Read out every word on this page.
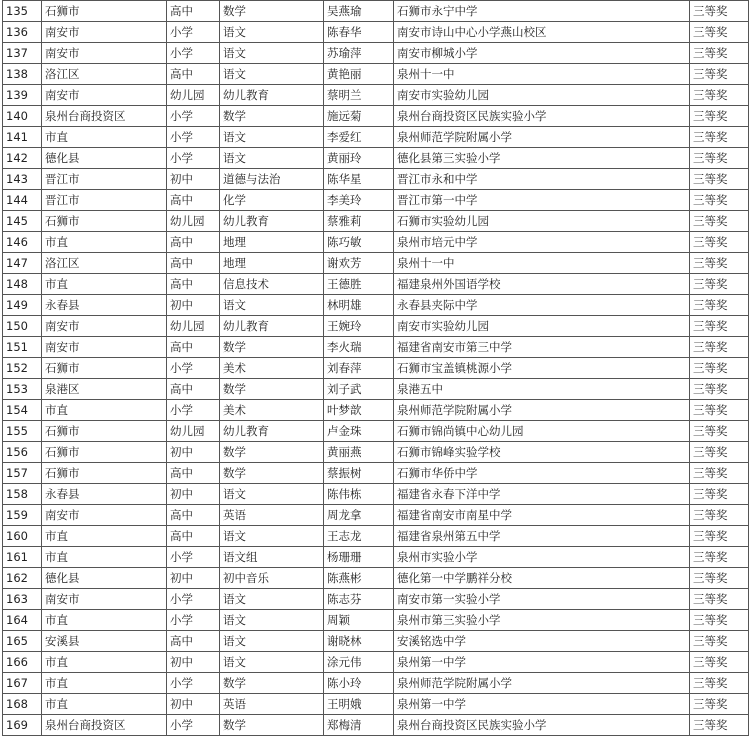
135	石狮市	高中	数学	吴燕瑜	石狮市永宁中学	三等奖
136	南安市	小学	语文	陈春华	南安市诗山中心小学燕山校区	三等奖
137	南安市	小学	语文	苏瑜萍	南安市柳城小学	三等奖
138	洛江区	高中	语文	黄艳丽	泉州十一中	三等奖
139	南安市	幼儿园	幼儿教育	蔡明兰	南安市实验幼儿园	三等奖
140	泉州台商投资区	小学	数学	施远菊	泉州台商投资区民族实验小学	三等奖
141	市直	小学	语文	李爱红	泉州师范学院附属小学	三等奖
142	德化县	小学	语文	黄丽玲	德化县第三实验小学	三等奖
143	晋江市	初中	道德与法治	陈华星	晋江市永和中学	三等奖
144	晋江市	高中	化学	李美玲	晋江市第一中学	三等奖
145	石狮市	幼儿园	幼儿教育	蔡雅莉	石狮市实验幼儿园	三等奖
146	市直	高中	地理	陈巧敏	泉州市培元中学	三等奖
147	洛江区	高中	地理	谢欢芳	泉州十一中	三等奖
148	市直	高中	信息技术	王德胜	福建泉州外国语学校	三等奖
149	永春县	初中	语文	林明雄	永春县夹际中学	三等奖
150	南安市	幼儿园	幼儿教育	王婉玲	南安市实验幼儿园	三等奖
151	南安市	高中	数学	李火瑞	福建省南安市第三中学	三等奖
152	石狮市	小学	美术	刘春萍	石狮市宝盖镇桃源小学	三等奖
153	泉港区	高中	数学	刘子武	泉港五中	三等奖
154	市直	小学	美术	叶梦歆	泉州师范学院附属小学	三等奖
155	石狮市	幼儿园	幼儿教育	卢金珠	石狮市锦尚镇中心幼儿园	三等奖
156	石狮市	初中	数学	黄丽燕	石狮市锦峰实验学校	三等奖
157	石狮市	高中	数学	蔡振树	石狮市华侨中学	三等奖
158	永春县	初中	语文	陈伟栋	福建省永春下洋中学	三等奖
159	南安市	高中	英语	周龙拿	福建省南安市南星中学	三等奖
160	市直	高中	语文	王志龙	福建省泉州第五中学	三等奖
161	市直	小学	语文组	杨珊珊	泉州市实验小学	三等奖
162	德化县	初中	初中音乐	陈燕彬	德化第一中学鹏祥分校	三等奖
163	南安市	小学	语文	陈志芬	南安市第一实验小学	三等奖
164	市直	小学	语文	周颖	泉州市第三实验小学	三等奖
165	安溪县	高中	语文	谢晓林	安溪铭选中学	三等奖
166	市直	初中	语文	涂元伟	泉州第一中学	三等奖
167	市直	小学	数学	陈小玲	泉州师范学院附属小学	三等奖
168	市直	初中	英语	王明娥	泉州第一中学	三等奖
169	泉州台商投资区	小学	数学	郑梅清	泉州台商投资区民族实验小学	三等奖
